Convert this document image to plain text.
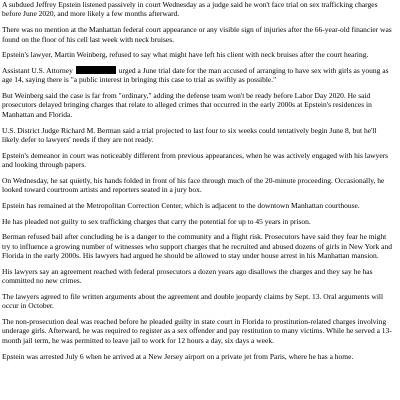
A subdued Jeffrey Epstein listened passively in court Wednesday as a judge said he won't face trial on sex trafficking charges before June 2020, and more likely a few months afterward.

There was no mention at the Manhattan federal court appearance or any visible sign of injuries after the 66-year-old financier was found on the floor of his cell last week with neck bruises.

Epstein's lawyer, Martin Weinberg, refused to say what might have left his client with neck bruises after the court hearing.

Assistant U.S. Attorney	urged a June trial date for the man accused of arranging to have sex with girls as young as age 14, saying there is "a public interest in bringing this case to trial as swiftly as possible."

But Weinberg said the case is far from "ordinary," adding the defense team won't be ready before Labor Day 2020. He said prosecutors delayed bringing charges that relate to alleged crimes that occurred in the early 2000s at Epstein's residences in Manhattan and Florida.

U.S. District Judge Richard M. Berman said a trial projected to last four to six weeks could tentatively begin June 8, but he'll likely defer to lawyers' needs if they are not ready.

Epstein's demeanor in court was noticeably different from previous appearances, when he was actively engaged with his lawyers and looking through papers.

On Wednesday, he sat quietly, his hands folded in front of his face through much of the 20-minute proceeding. Occasionally, he looked toward courtroom artists and reporters seated in a jury box.

Epstein has remained at the Metropolitan Correction Center, which is adjacent to the downtown Manhattan courthouse.

He has pleaded not guilty to sex trafficking charges that carry the potential for up to 45 years in prison.

Berman refused bail after concluding he is a danger to the community and a flight risk. Prosecutors have said they fear he might try to influence a growing number of witnesses who support charges that he recruited and abused dozens of girls in New York and Florida in the early 2000s. His lawyers had argued he should be allowed to stay under house arrest in his Manhattan mansion.

His lawyers say an agreement reached with federal prosecutors a dozen years ago disallows the charges and they say he has committed no new crimes.

The lawyers agreed to file written arguments about the agreement and double jeopardy claims by Sept. 13. Oral arguments will occur in October.

The non-prosecution deal was reached before he pleaded guilty in state court in Florida to prostitution-related charges involving underage girls. Afterward, he was required to register as a sex offender and pay restitution to many victims. While he served a 13-month jail term, he was permitted to leave jail to work for 12 hours a day, six days a week.

Epstein was arrested July 6 when he arrived at a New Jersey airport on a private jet from Paris, where he has a home.
